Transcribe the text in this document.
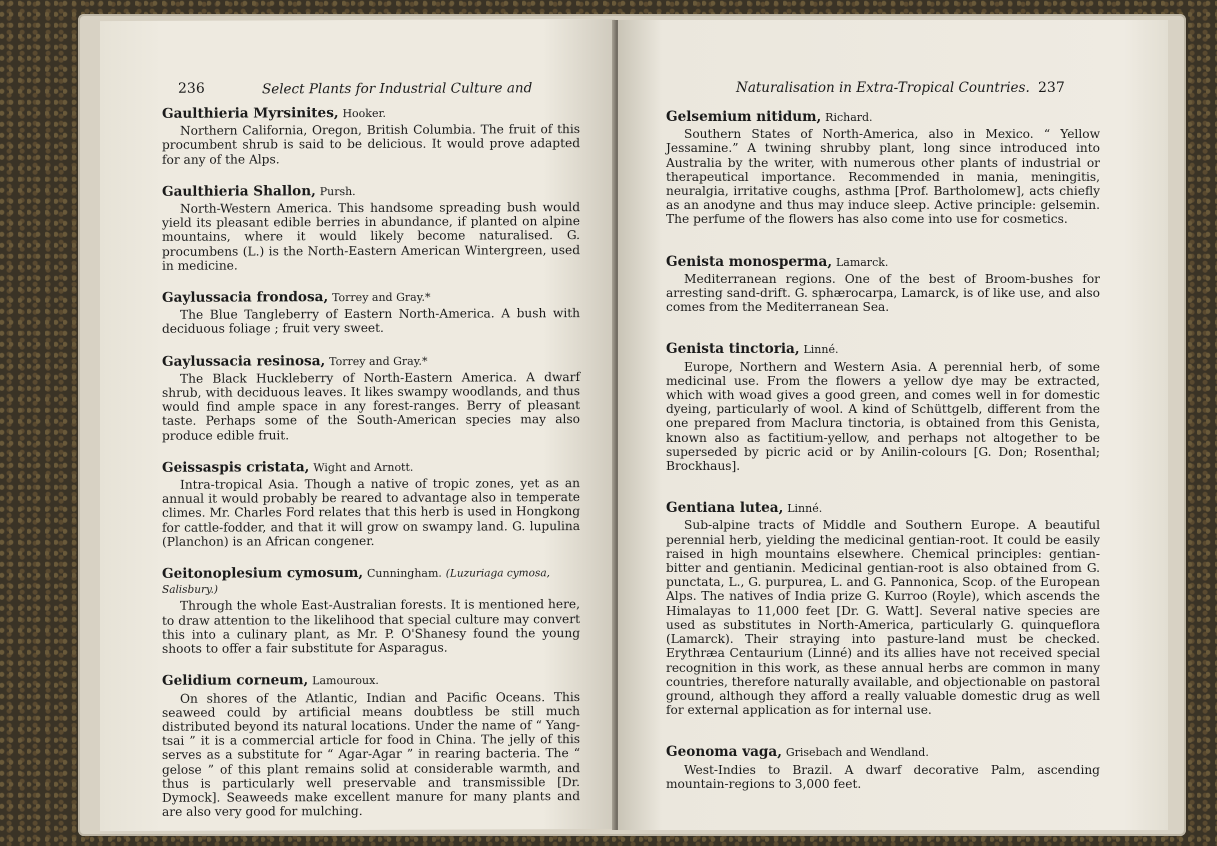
236	Select Plants for Industrial Culture and

Gaulthieria Myrsinites, Hooker.

Northern California, Oregon, British Columbia. The fruit of this procumbent shrub is said to be delicious. It would prove adapted for any of the Alps.

Gaulthieria Shallon, Pursh.

North-Western America. This handsome spreading bush would yield its pleasant edible berries in abundance, if planted on alpine mountains, where it would likely become naturalised. G. procumbens (L.) is the North-Eastern American Wintergreen, used in medicine.

Gaylussacia frondosa, Torrey and Gray.*

The Blue Tangleberry of Eastern North-America. A bush with deciduous foliage ; fruit very sweet.

Gaylussacia resinosa, Torrey and Gray.*

The Black Huckleberry of North-Eastern America. A dwarf shrub, with deciduous leaves. It likes swampy woodlands, and thus would find ample space in any forest-ranges. Berry of pleasant taste. Perhaps some of the South-American species may also produce edible fruit.

Geissaspis cristata, Wight and Arnott.

Intra-tropical Asia. Though a native of tropic zones, yet as an annual it would probably be reared to advantage also in temperate climes. Mr. Charles Ford relates that this herb is used in Hongkong for cattle-fodder, and that it will grow on swampy land. G. lupulina (Planchon) is an African congener.

Geitonoplesium cymosum, Cunningham. (Luzuriaga cymosa, Salisbury.)

Through the whole East-Australian forests. It is mentioned here, to draw attention to the likelihood that special culture may convert this into a culinary plant, as Mr. P. O'Shanesy found the young shoots to offer a fair substitute for Asparagus.

Gelidium corneum, Lamouroux.

On shores of the Atlantic, Indian and Pacific Oceans. This seaweed could by artificial means doubtless be still much distributed beyond its natural locations. Under the name of “ Yang-tsai ” it is a commercial article for food in China. The jelly of this serves as a substitute for “ Agar-Agar ” in rearing bacteria. The “ gelose ” of this plant remains solid at considerable warmth, and thus is particularly well preservable and transmissible [Dr. Dymock]. Seaweeds make excellent manure for many plants and are also very good for mulching.

Naturalisation in Extra-Tropical Countries. 237

Gelsemium nitidum, Richard.

Southern States of North-America, also in Mexico. “ Yellow Jessamine.” A twining shrubby plant, long since introduced into Australia by the writer, with numerous other plants of industrial or therapeutical importance. Recommended in mania, meningitis, neuralgia, irritative coughs, asthma [Prof. Bartholomew], acts chiefly as an anodyne and thus may induce sleep. Active principle: gelsemin. The perfume of the flowers has also come into use for cosmetics.

Genista monosperma, Lamarck.

Mediterranean regions. One of the best of Broom-bushes for arresting sand-drift. G. sphærocarpa, Lamarck, is of like use, and also comes from the Mediterranean Sea.

Genista tinctoria, Linné.

Europe, Northern and Western Asia. A perennial herb, of some medicinal use. From the flowers a yellow dye may be extracted, which with woad gives a good green, and comes well in for domestic dyeing, particularly of wool. A kind of Schüttgelb, different from the one prepared from Maclura tinctoria, is obtained from this Genista, known also as factitium-yellow, and perhaps not altogether to be superseded by picric acid or by Anilin-colours [G. Don; Rosenthal; Brockhaus].

Gentiana lutea, Linné.

Sub-alpine tracts of Middle and Southern Europe. A beautiful perennial herb, yielding the medicinal gentian-root. It could be easily raised in high mountains elsewhere. Chemical principles: gentian-bitter and gentianin. Medicinal gentian-root is also obtained from G. punctata, L., G. purpurea, L. and G. Pannonica, Scop. of the European Alps. The natives of India prize G. Kurroo (Royle), which ascends the Himalayas to 11,000 feet [Dr. G. Watt]. Several native species are used as substitutes in North-America, particularly G. quinqueflora (Lamarck). Their straying into pasture-land must be checked. Erythræa Centaurium (Linné) and its allies have not received special recognition in this work, as these annual herbs are common in many countries, therefore naturally available, and objectionable on pastoral ground, although they afford a really valuable domestic drug as well for external application as for internal use.

Geonoma vaga, Grisebach and Wendland.

West-Indies to Brazil. A dwarf decorative Palm, ascending mountain-regions to 3,000 feet.
